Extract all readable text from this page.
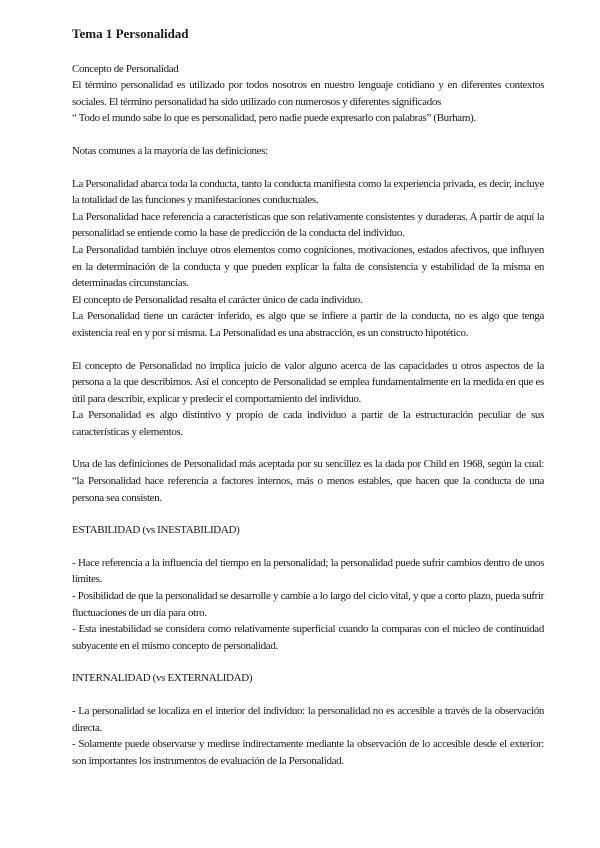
Tema 1 Personalidad

Concepto de Personalidad

El término personalidad es utilizado por todos nosotros en nuestro lenguaje cotidiano y en diferentes contextos sociales. El término personalidad ha sido utilizado con numerosos y diferentes significados

“ Todo el mundo sabe lo que es personalidad, pero nadie puede expresarlo con palabras” (Burham).

Notas comunes a la mayoría de las definiciones:

La Personalidad abarca toda la conducta, tanto la conducta manifiesta como la experiencia privada, es decir, incluye la totalidad de las funciones y manifestaciones conductuales.

La Personalidad hace referencia a características que son relativamente consistentes y duraderas. A partir de aquí la personalidad se entiende como la base de predicción de la conducta del individuo.

La Personalidad también incluye otros elementos como cogniciones, motivaciones, estados afectivos, que influyen en la determinación de la conducta y que pueden explicar la falta de consistencia y estabilidad de la misma en determinadas circunstancias.

El concepto de Personalidad resalta el carácter único de cada individuo.

La Personalidad tiene un carácter inferido, es algo que se infiere a partir de la conducta, no es algo que tenga existencia real en y por sí misma. La Personalidad es una abstracción, es un constructo hipotético.

El concepto de Personalidad no implica juicio de valor alguno acerca de las capacidades u otros aspectos de la persona a la que describimos. Así el concepto de Personalidad se emplea fundamentalmente en la medida en que es útil para describir, explicar y predecir el comportamiento del individuo.

La Personalidad es algo distintivo y propio de cada individuo a partir de la estructuración peculiar de sus características y elementos.

Una de las definiciones de Personalidad más aceptada por su sencillez es la dada por Child en 1968, según la cual: “la Personalidad hace referencia a factores internos, más o menos estables, que hacen que la conducta de una persona sea consisten.

ESTABILIDAD (vs INESTABILIDAD)

- Hace referencia a la influencia del tiempo en la personalidad; la personalidad puede sufrir cambios dentro de unos límites.

- Posibilidad de que la personalidad se desarrolle y cambie a lo largo del ciclo vital, y que a corto plazo, pueda sufrir fluctuaciones de un día para otro.

- Esta inestabilidad se considera como relativamente superficial cuando la comparas con el núcleo de continuidad subyacente en el mismo concepto de personalidad.

INTERNALIDAD (vs EXTERNALIDAD)

- La personalidad se localiza en el interior del individuo: la personalidad no es accesible a través de la observación directa.

- Solamente puede observarse y medirse indirectamente mediante la observación de lo accesible desde el exterior: son importantes los instrumentos de evaluación de la Personalidad.
